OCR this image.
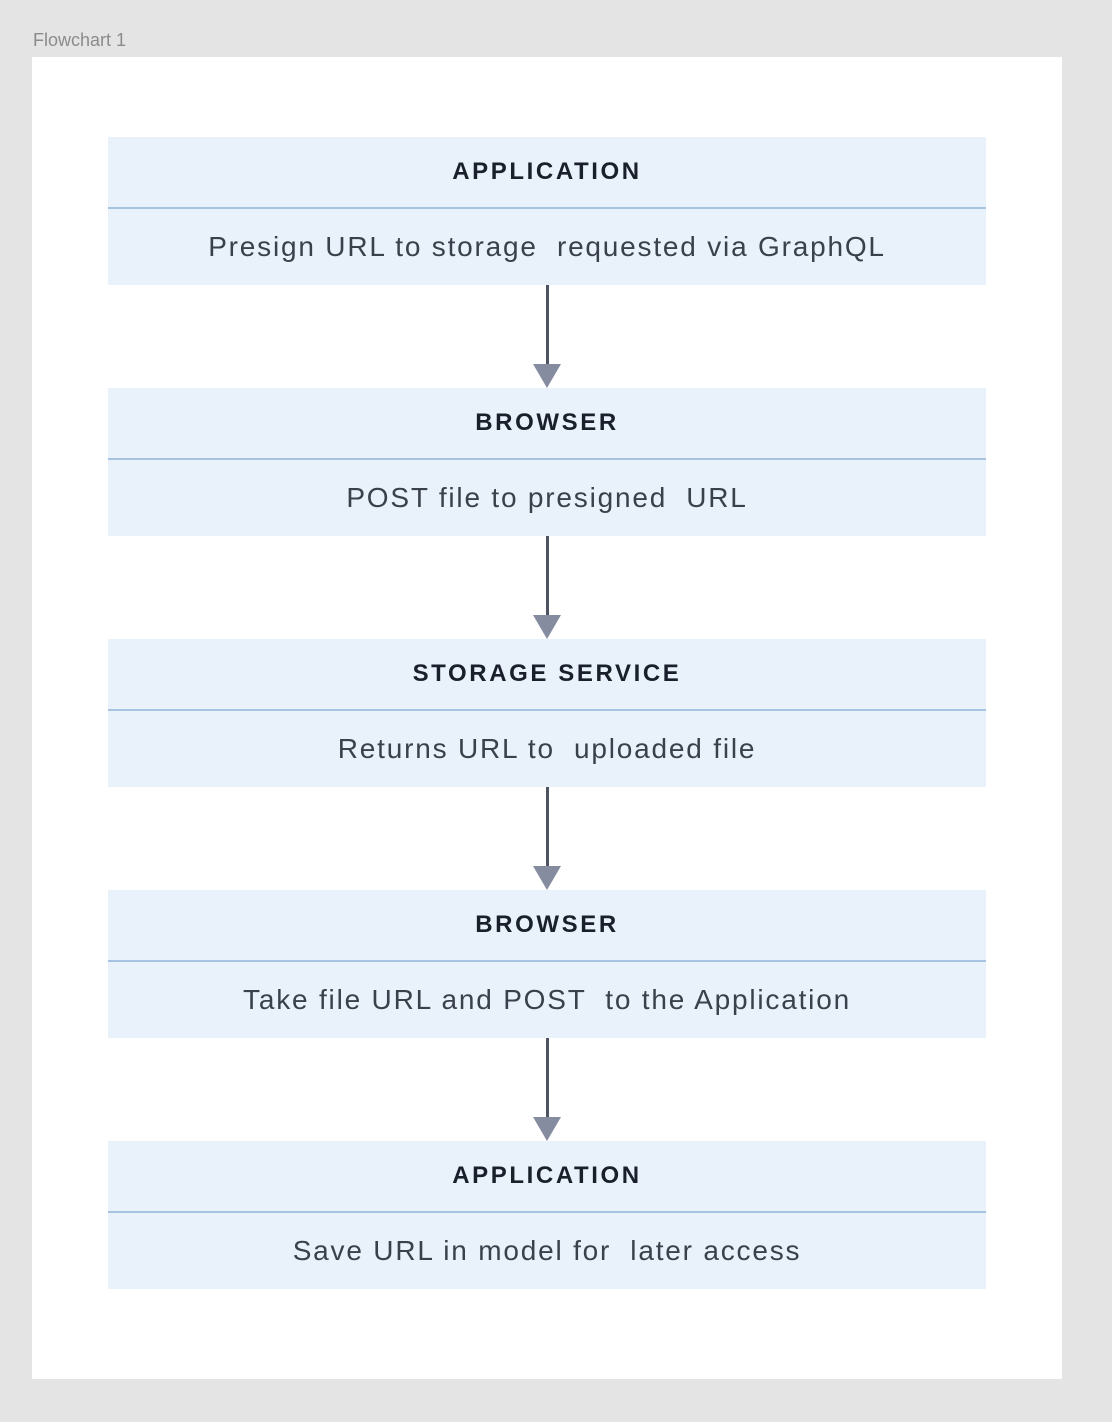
Flowchart 1
APPLICATION
Presign URL to storage  requested via GraphQL
BROWSER
POST file to presigned  URL
STORAGE SERVICE
Returns URL to  uploaded file
BROWSER
Take file URL and POST  to the Application
APPLICATION
Save URL in model for  later access
